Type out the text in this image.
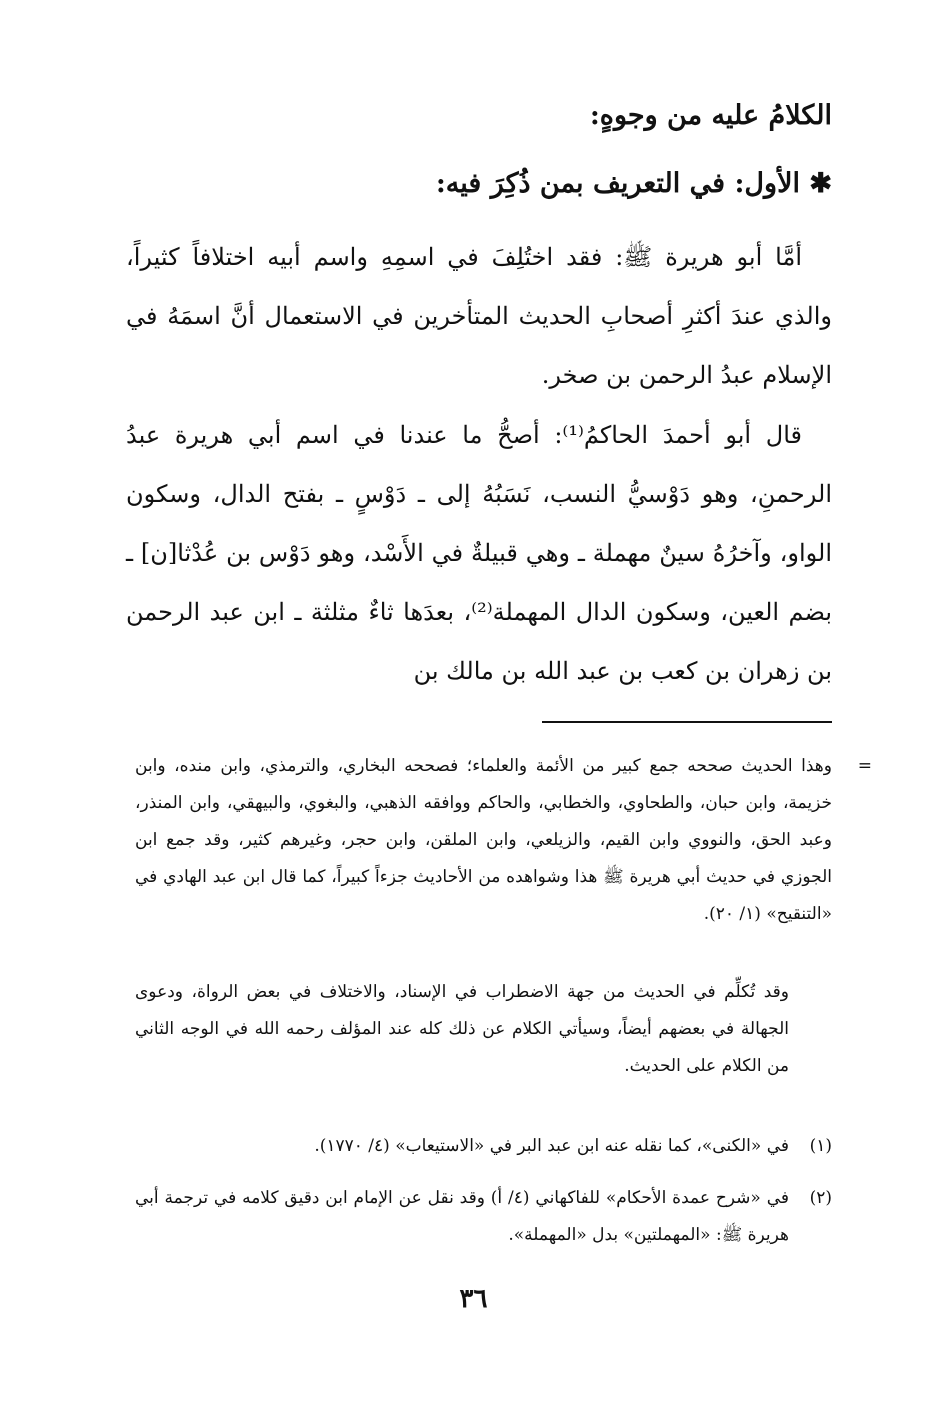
الكلامُ عليه من وجوهٍ:
✱ الأول: في التعريف بمن ذُكِرَ فيه:
أمَّا أبو هريرة ﷺ: فقد اختُلِفَ في اسمِهِ واسم أبيه اختلافاً كثيراً، والذي عندَ أكثرِ أصحابِ الحديث المتأخرين في الاستعمال أنَّ اسمَهُ في الإسلام عبدُ الرحمن بن صخر.
قال أبو أحمدَ الحاكمُ⁽¹⁾: أصحُّ ما عندنا في اسم أبي هريرة عبدُ الرحمنِ، وهو دَوْسيُّ النسب، نَسَبُهُ إلى ـ دَوْسٍ ـ بفتح الدال، وسكون الواو، وآخرُهُ سينٌ مهملة ـ وهي قبيلةٌ في الأَسْد، وهو دَوْس بن عُدْثا[ن] ـ بضم العين، وسكون الدال المهملة⁽²⁾، بعدَها ثاءٌ مثلثة ـ ابن عبد الرحمن بن زهران بن كعب بن عبد الله بن مالك بن
=
وهذا الحديث صححه جمع كبير من الأئمة والعلماء؛ فصححه البخاري، والترمذي، وابن منده، وابن خزيمة، وابن حبان، والطحاوي، والخطابي، والحاكم ووافقه الذهبي، والبغوي، والبيهقي، وابن المنذر، وعبد الحق، والنووي وابن القيم، والزيلعي، وابن الملقن، وابن حجر، وغيرهم كثير، وقد جمع ابن الجوزي في حديث أبي هريرة ﷺ هذا وشواهده من الأحاديث جزءاً كبيراً، كما قال ابن عبد الهادي في «التنقيح» (١/ ٢٠).
وقد تُكلِّم في الحديث من جهة الاضطراب في الإسناد، والاختلاف في بعض الرواة، ودعوى الجهالة في بعضهم أيضاً، وسيأتي الكلام عن ذلك كله عند المؤلف رحمه الله في الوجه الثاني من الكلام على الحديث.
(١)
في «الكنى»، كما نقله عنه ابن عبد البر في «الاستيعاب» (٤/ ١٧٧٠).
(٢)
في «شرح عمدة الأحكام» للفاكهاني (٤/ أ) وقد نقل عن الإمام ابن دقيق كلامه في ترجمة أبي هريرة ﷺ: «المهملتين» بدل «المهملة».
٣٦
